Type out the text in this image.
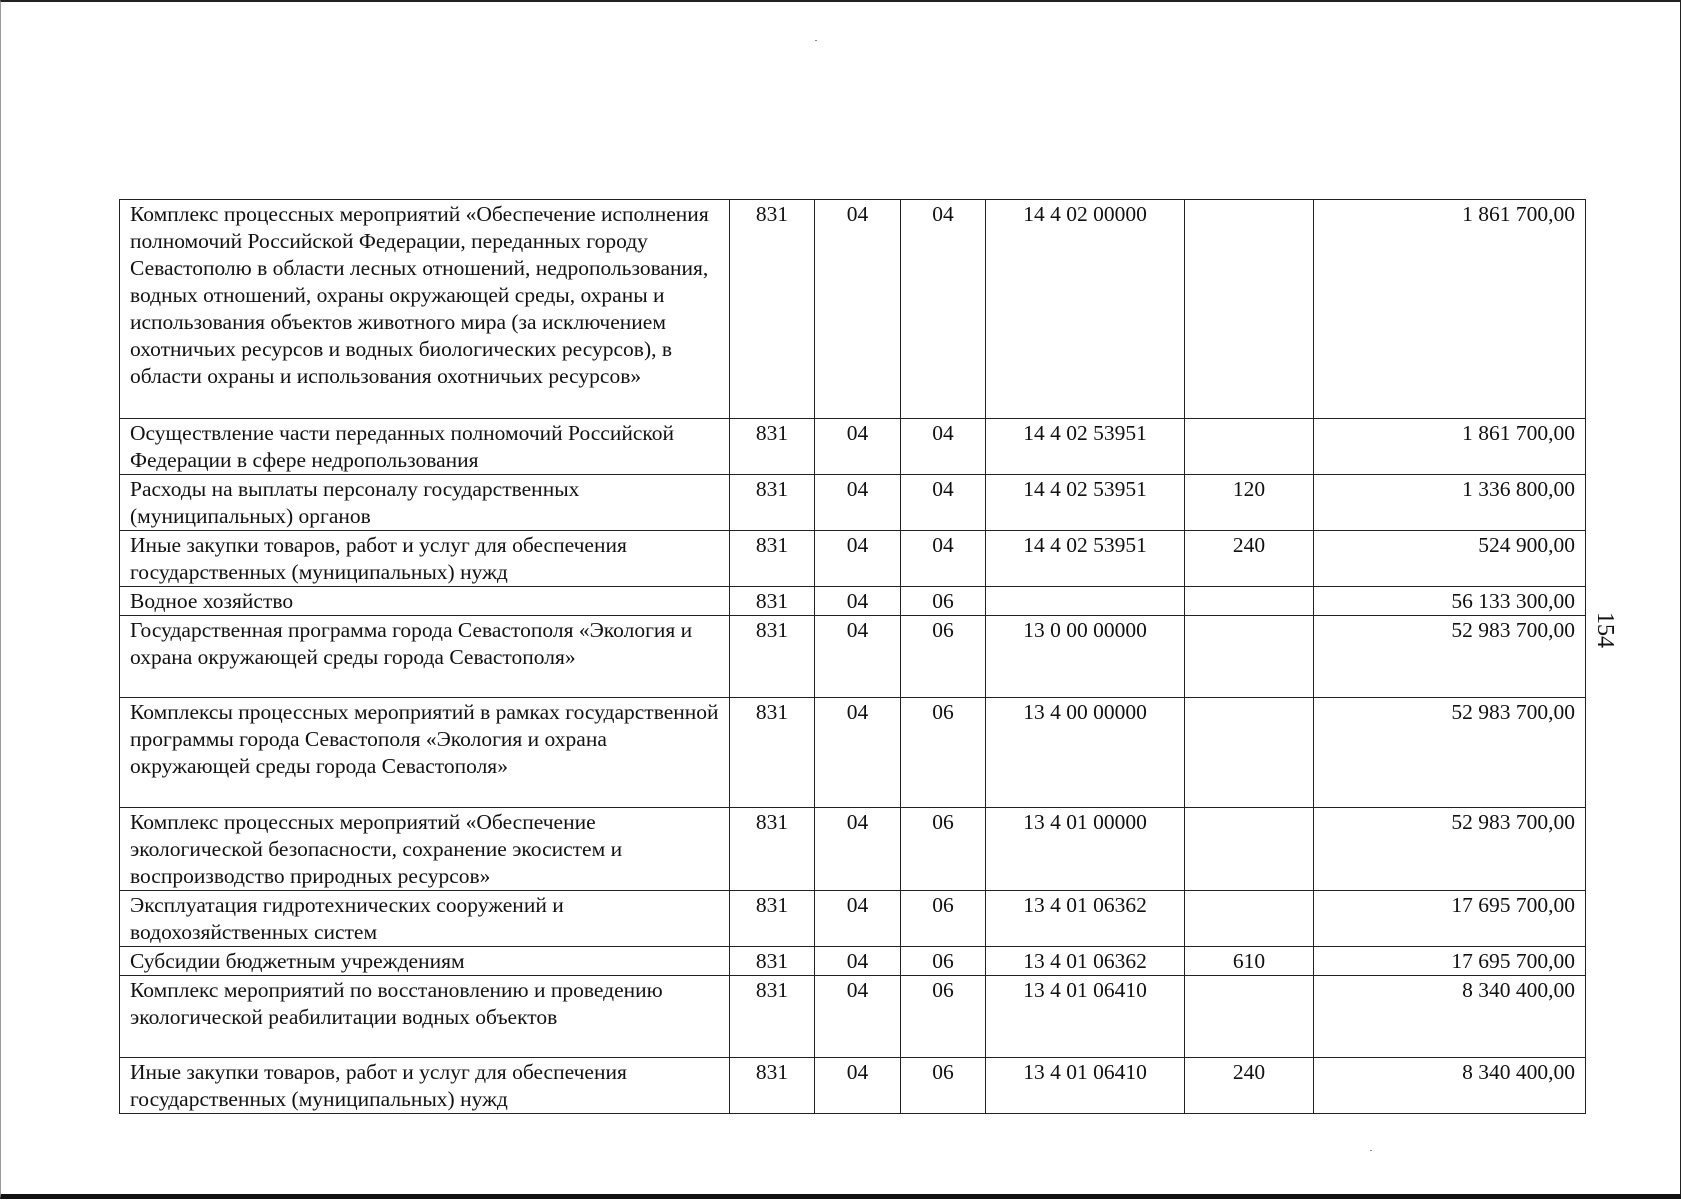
Комплекс процессных мероприятий «Обеспечение исполнения полномочий Российской Федерации, переданных городу Севастополю в области лесных отношений, недропользования, водных отношений, охраны окружающей среды, охраны и использования объектов животного мира (за исключением охотничьих ресурсов и водных биологических ресурсов), в области охраны и использования охотничьих ресурсов»	831	04	04	14 4 02 00000		1 861 700,00
Осуществление части переданных полномочий Российской Федерации в сфере недропользования	831	04	04	14 4 02 53951		1 861 700,00
Расходы на выплаты персоналу государственных (муниципальных) органов	831	04	04	14 4 02 53951	120	1 336 800,00
Иные закупки товаров, работ и услуг для обеспечения государственных (муниципальных) нужд	831	04	04	14 4 02 53951	240	524 900,00
Водное хозяйство	831	04	06			56 133 300,00
Государственная программа города Севастополя «Экология и охрана окружающей среды города Севастополя»	831	04	06	13 0 00 00000		52 983 700,00
Комплексы процессных мероприятий в рамках государственной программы города Севастополя «Экология и охрана окружающей среды города Севастополя»	831	04	06	13 4 00 00000		52 983 700,00
Комплекс процессных мероприятий «Обеспечение экологической безопасности, сохранение экосистем и воспроизводство природных ресурсов»	831	04	06	13 4 01 00000		52 983 700,00
Эксплуатация гидротехнических сооружений и водохозяйственных систем	831	04	06	13 4 01 06362		17 695 700,00
Субсидии бюджетным учреждениям	831	04	06	13 4 01 06362	610	17 695 700,00
Комплекс мероприятий по восстановлению и проведению экологической реабилитации водных объектов	831	04	06	13 4 01 06410		8 340 400,00
Иные закупки товаров, работ и услуг для обеспечения государственных (муниципальных) нужд	831	04	06	13 4 01 06410	240	8 340 400,00
154
